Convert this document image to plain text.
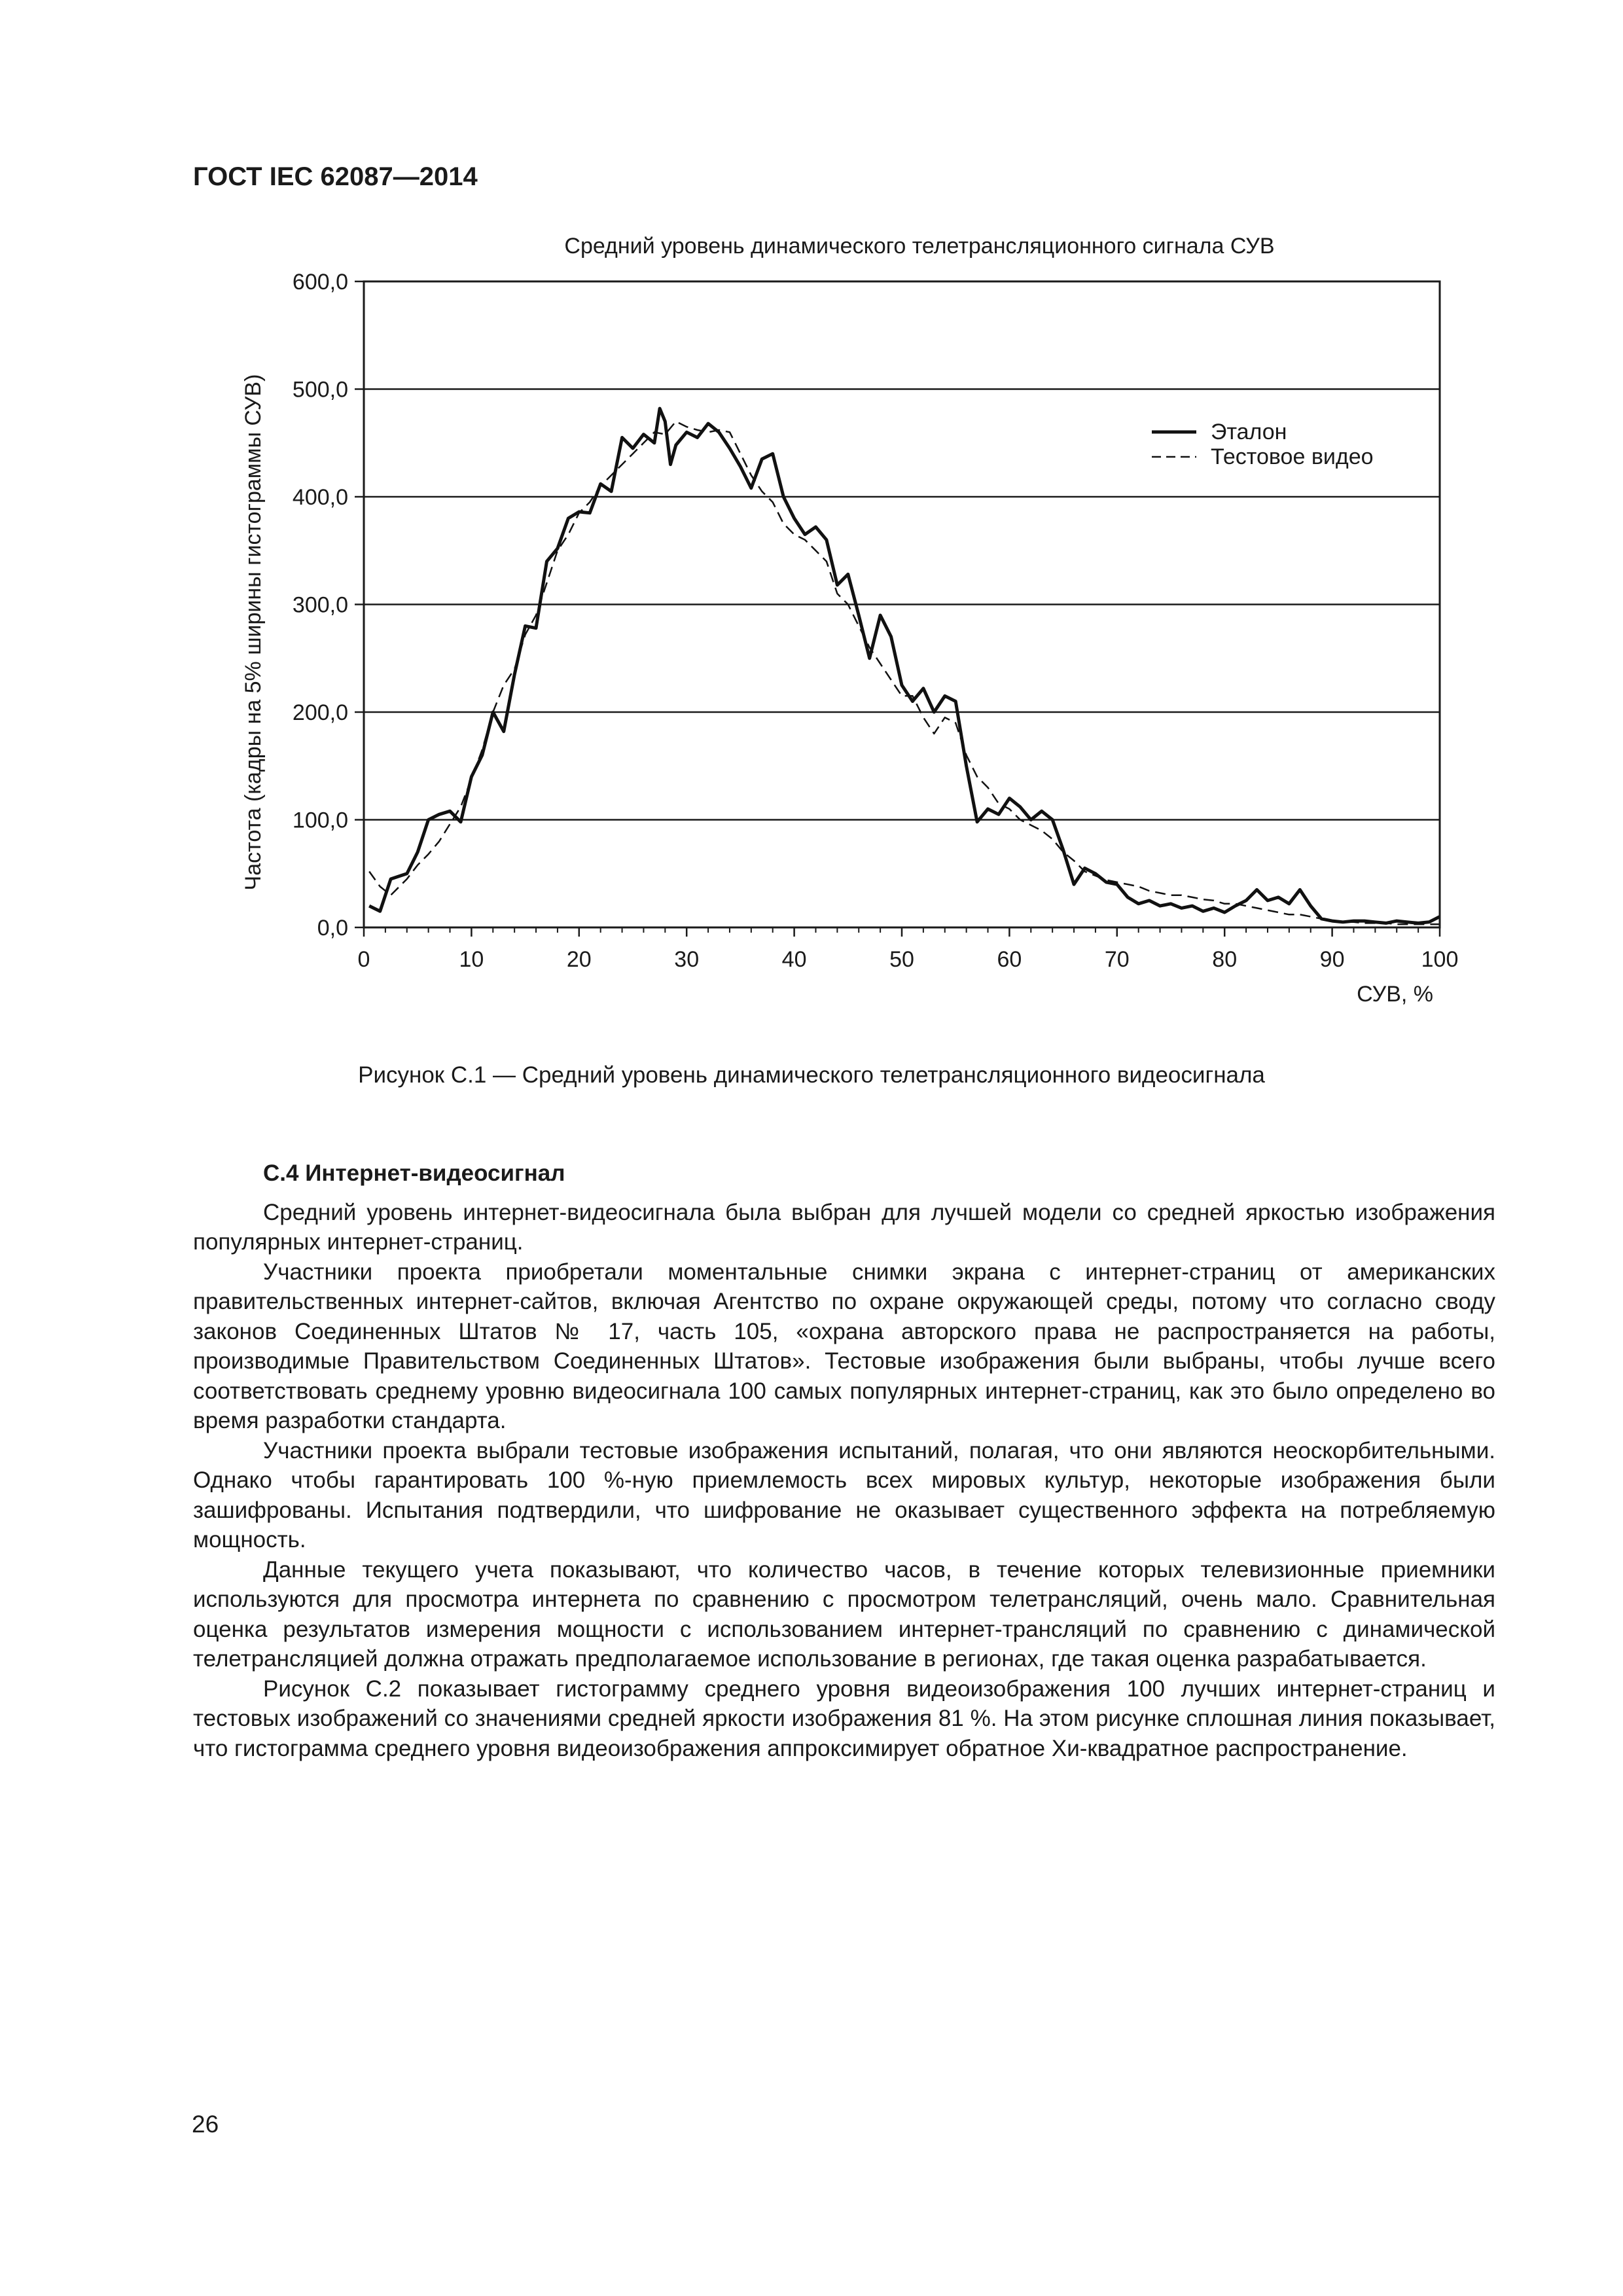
ГОСТ IEC 62087—2014
Средний уровень динамического телетрансляционного сигнала СУВ
Частота (кадры на 5% ширины гистограммы СУВ)
СУВ, %
0,0
100,0
200,0
300,0
400,0
500,0
600,0
0	10	20	30	40	50	60	70	80	90	100
Эталон
Тестовое видео
Рисунок С.1 — Средний уровень динамического телетрансляционного видеосигнала
С.4 Интернет-видеосигнал

Средний уровень интернет-видеосигнала была выбран для лучшей модели со средней яркостью изображения популярных интернет-страниц.

Участники проекта приобретали моментальные снимки экрана с интернет-страниц от американских правительственных интернет-сайтов, включая Агентство по охране окружающей среды, потому что согласно своду законов Соединенных Штатов № 17, часть 105, «охрана авторского права не распространяется на работы, производимые Правительством Соединенных Штатов». Тестовые изображения были выбраны, чтобы лучше всего соответствовать среднему уровню видеосигнала 100 самых популярных интернет-страниц, как это было определено во время разработки стандарта.

Участники проекта выбрали тестовые изображения испытаний, полагая, что они являются неоскорбительными. Однако чтобы гарантировать 100 %-ную приемлемость всех мировых культур, некоторые изображения были зашифрованы. Испытания подтвердили, что шифрование не оказывает существенного эффекта на потребляемую мощность.

Данные текущего учета показывают, что количество часов, в течение которых телевизионные приемники используются для просмотра интернета по сравнению с просмотром телетрансляций, очень мало. Сравнительная оценка результатов измерения мощности с использованием интернет-трансляций по сравнению с динамической телетрансляцией должна отражать предполагаемое использование в регионах, где такая оценка разрабатывается.

Рисунок С.2 показывает гистограмму среднего уровня видеоизображения 100 лучших интернет-страниц и тестовых изображений со значениями средней яркости изображения 81 %. На этом рисунке сплошная линия показывает, что гистограмма среднего уровня видеоизображения аппроксимирует обратное Хи-квадратное распространение.

26
